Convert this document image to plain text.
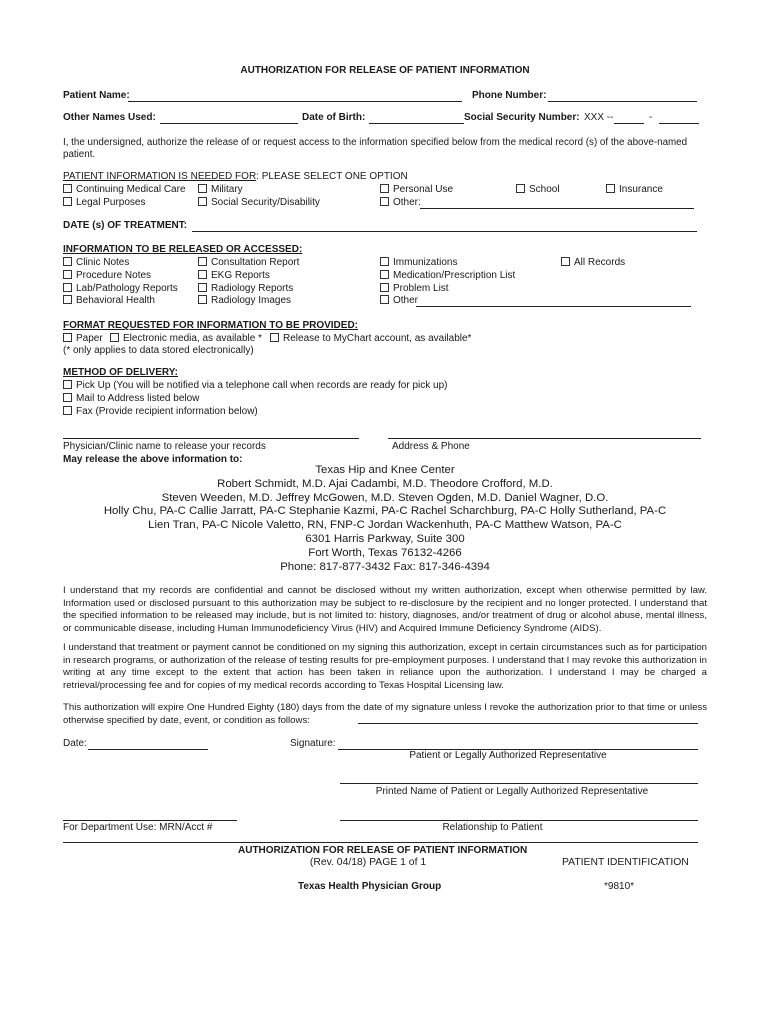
AUTHORIZATION FOR RELEASE OF PATIENT INFORMATION
Patient Name:	Phone Number:
Other Names Used:	Date of Birth:	Social Security Number: XXX --	-
I, the undersigned, authorize the release of or request access to the information specified below from the medical record (s) of the above-named patient.
PATIENT INFORMATION IS NEEDED FOR: PLEASE SELECT ONE OPTION
Continuing Medical Care	Military	Personal Use	School	Insurance
Legal Purposes	Social Security/Disability	Other:
DATE (s) OF TREATMENT:
INFORMATION TO BE RELEASED OR ACCESSED:
Clinic Notes	Consultation Report	Immunizations	All Records
Procedure Notes	EKG Reports	Medication/Prescription List
Lab/Pathology Reports	Radiology Reports	Problem List
Behavioral Health	Radiology Images	Other
FORMAT REQUESTED FOR INFORMATION TO BE PROVIDED:
Paper	Electronic media, as available *	Release to MyChart account, as available*
(* only applies to data stored electronically)
METHOD OF DELIVERY:
Pick Up (You will be notified via a telephone call when records are ready for pick up)
Mail to Address listed below
Fax (Provide recipient information below)
Physician/Clinic name to release your records	Address & Phone
May release the above information to:
Texas Hip and Knee Center
Robert Schmidt, M.D. Ajai Cadambi, M.D. Theodore Crofford, M.D.
Steven Weeden, M.D. Jeffrey McGowen, M.D. Steven Ogden, M.D. Daniel Wagner, D.O.
Holly Chu, PA-C Callie Jarratt, PA-C Stephanie Kazmi, PA-C Rachel Scharchburg, PA-C Holly Sutherland, PA-C
Lien Tran, PA-C Nicole Valetto, RN, FNP-C Jordan Wackenhuth, PA-C Matthew Watson, PA-C
6301 Harris Parkway, Suite 300
Fort Worth, Texas 76132-4266
Phone: 817-877-3432 Fax: 817-346-4394
I understand that my records are confidential and cannot be disclosed without my written authorization, except when otherwise permitted by law. Information used or disclosed pursuant to this authorization may be subject to re-disclosure by the recipient and no longer protected. I understand that the specified information to be released may include, but is not limited to: history, diagnoses, and/or treatment of drug or alcohol abuse, mental illness, or communicable disease, including Human Immunodeficiency Virus (HIV) and Acquired Immune Deficiency Syndrome (AIDS).
I understand that treatment or payment cannot be conditioned on my signing this authorization, except in certain circumstances such as for participation in research programs, or authorization of the release of testing results for pre-employment purposes. I understand that I may revoke this authorization in writing at any time except to the extent that action has been taken in reliance upon the authorization. I understand I may be charged a retrieval/processing fee and for copies of my medical records according to Texas Hospital Licensing law.
This authorization will expire One Hundred Eighty (180) days from the date of my signature unless I revoke the authorization prior to that time or unless otherwise specified by date, event, or condition as follows:
Date:	Signature:
Patient or Legally Authorized Representative
Printed Name of Patient or Legally Authorized Representative
For Department Use: MRN/Acct #	Relationship to Patient
AUTHORIZATION FOR RELEASE OF PATIENT INFORMATION
(Rev. 04/18) PAGE 1 of 1	PATIENT IDENTIFICATION
Texas Health Physician Group	*9810*
